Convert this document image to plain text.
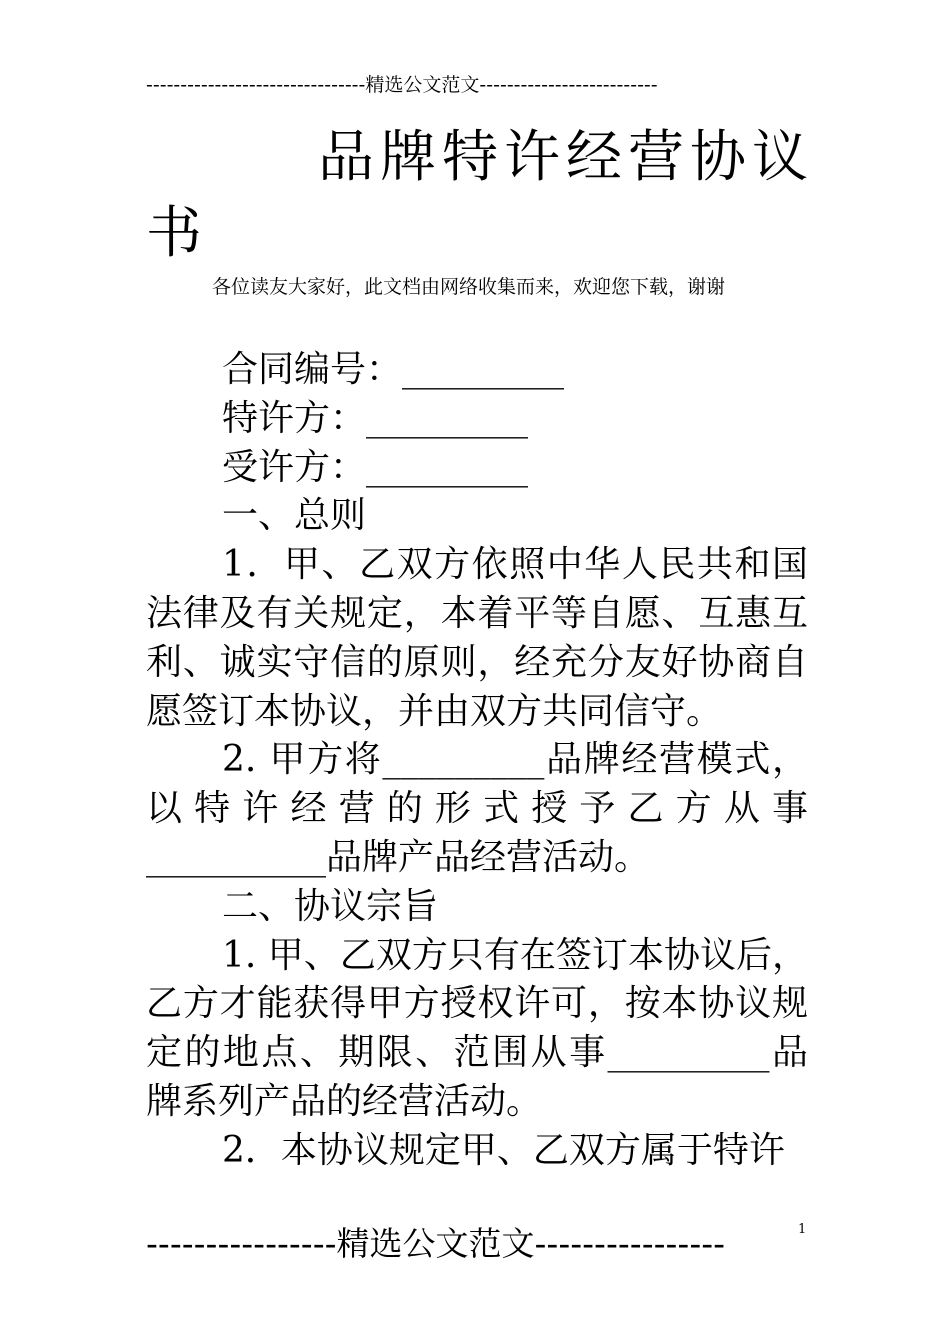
--------------------------------精选公文范文--------------------------
品牌特许经营协议书
各位读友大家好，此文档由网络收集而来，欢迎您下载，谢谢

合同编号：_________

特许方：_________

受许方：_________

一、总则

1．甲、乙双方依照中华人民共和国法律及有关规定，本着平等自愿、互惠互利、诚实守信的原则，经充分友好协商自愿签订本协议，并由双方共同信守。

2. 甲方将_________品牌经营模式，以特许经营的形式授予乙方从事__________品牌产品经营活动。

二、协议宗旨

1. 甲、乙双方只有在签订本协议后，乙方才能获得甲方授权许可，按本协议规定的地点、期限、范围从事_________品牌系列产品的经营活动。

2．本协议规定甲、乙双方属于特许

----------------精选公文范文----------------	1
